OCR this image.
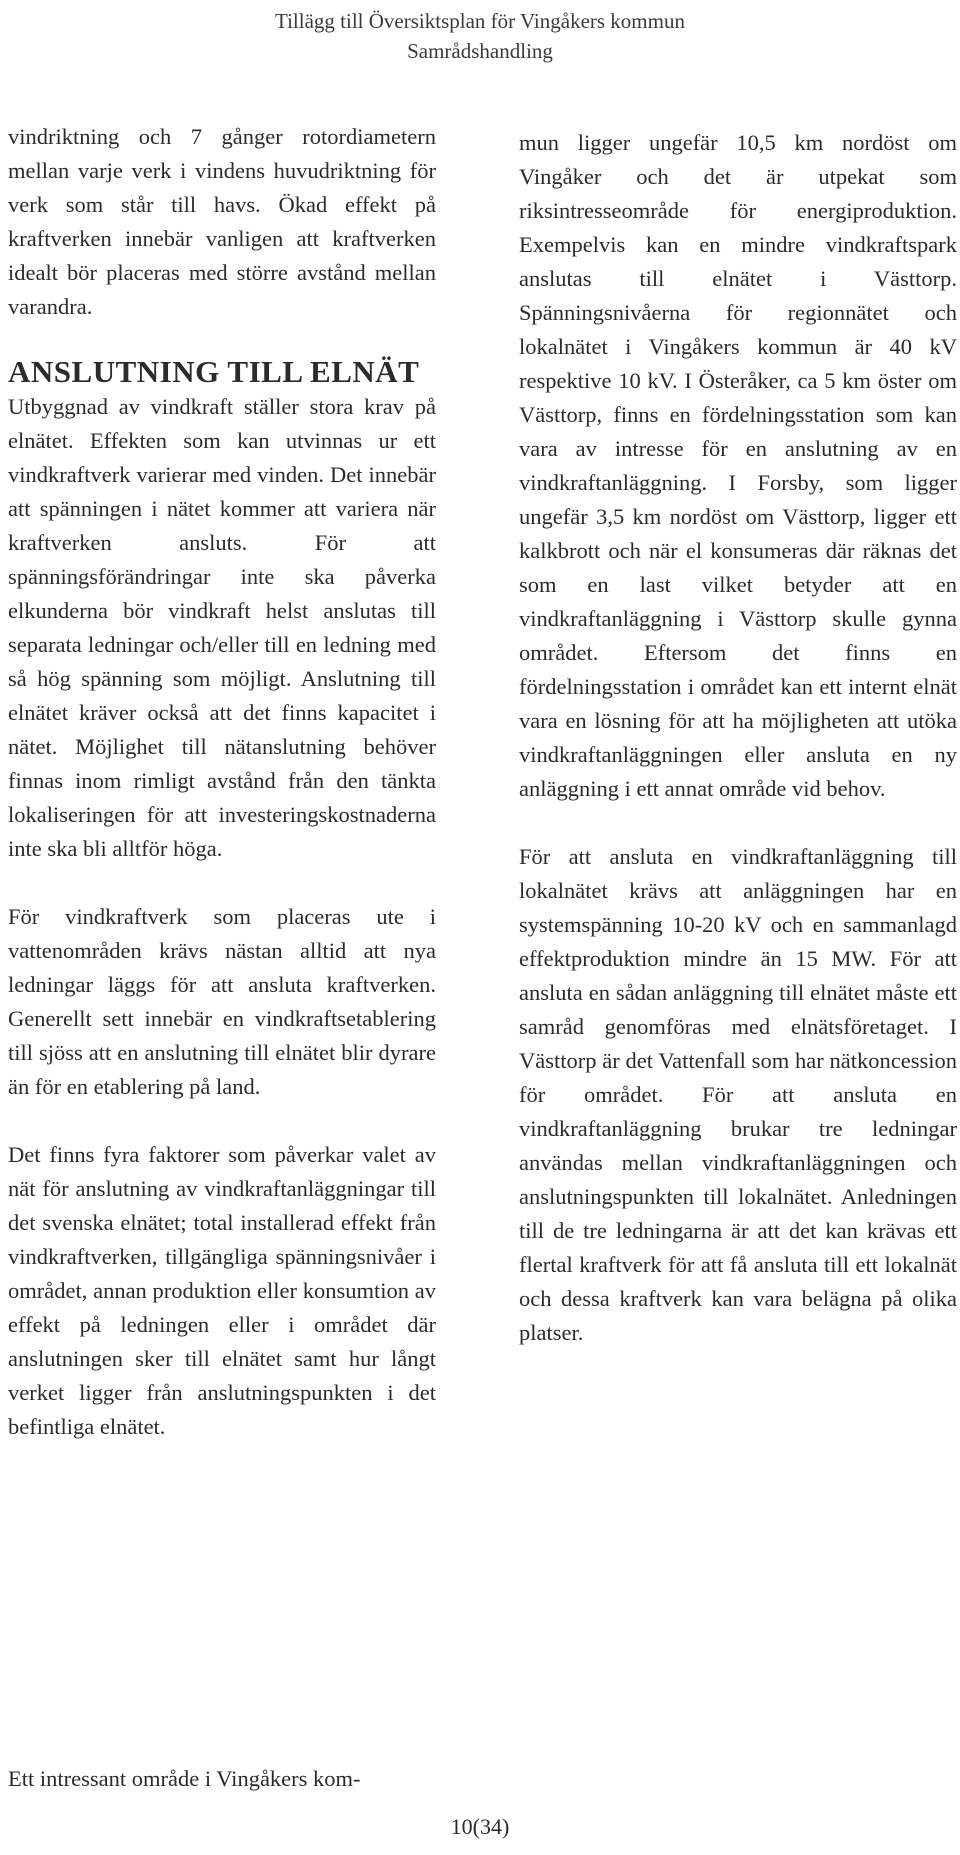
Tillägg till Översiktsplan för Vingåkers kommun
Samrådshandling

vindriktning och 7 gånger rotordiametern mellan varje verk i vindens huvudriktning för verk som står till havs. Ökad effekt på kraftverken innebär vanligen att kraftverken idealt bör placeras med större avstånd mellan varandra.

ANSLUTNING TILL ELNÄT

Utbyggnad av vindkraft ställer stora krav på elnätet. Effekten som kan utvinnas ur ett vindkraftverk varierar med vinden. Det innebär att spänningen i nätet kommer att variera när kraftverken ansluts. För att spänningsförändringar inte ska påverka elkunderna bör vindkraft helst anslutas till separata ledningar och/eller till en ledning med så hög spänning som möjligt. Anslutning till elnätet kräver också att det finns kapacitet i nätet. Möjlighet till nätanslutning behöver finnas inom rimligt avstånd från den tänkta lokaliseringen för att investeringskostnaderna inte ska bli alltför höga.

För vindkraftverk som placeras ute i vattenområden krävs nästan alltid att nya ledningar läggs för att ansluta kraftverken. Generellt sett innebär en vindkraftsetablering till sjöss att en anslutning till elnätet blir dyrare än för en etablering på land.

Det finns fyra faktorer som påverkar valet av nät för anslutning av vindkraftanläggningar till det svenska elnätet; total installerad effekt från vindkraftverken, tillgängliga spänningsnivåer i området, annan produktion eller konsumtion av effekt på ledningen eller i området där anslutningen sker till elnätet samt hur långt verket ligger från anslutningspunkten i det befintliga elnätet.

Ett intressant område i Vingåkers kom-

mun ligger ungefär 10,5 km nordöst om Vingåker och det är utpekat som riksintresseområde för energiproduktion. Exempelvis kan en mindre vindkraftspark anslutas till elnätet i Västtorp. Spänningsnivåerna för regionnätet och lokalnätet i Vingåkers kommun är 40 kV respektive 10 kV. I Österåker, ca 5 km öster om Västtorp, finns en fördelningsstation som kan vara av intresse för en anslutning av en vindkraftanläggning. I Forsby, som ligger ungefär 3,5 km nordöst om Västtorp, ligger ett kalkbrott och när el konsumeras där räknas det som en last vilket betyder att en vindkraftanläggning i Västtorp skulle gynna området. Eftersom det finns en fördelningsstation i området kan ett internt elnät vara en lösning för att ha möjligheten att utöka vindkraftanläggningen eller ansluta en ny anläggning i ett annat område vid behov.

För att ansluta en vindkraftanläggning till lokalnätet krävs att anläggningen har en systemspänning 10-20 kV och en sammanlagd effektproduktion mindre än 15 MW. För att ansluta en sådan anläggning till elnätet måste ett samråd genomföras med elnätsföretaget. I Västtorp är det Vattenfall som har nätkoncession för området. För att ansluta en vindkraftanläggning brukar tre ledningar användas mellan vindkraftanläggningen och anslutningspunkten till lokalnätet. Anledningen till de tre ledningarna är att det kan krävas ett flertal kraftverk för att få ansluta till ett lokalnät och dessa kraftverk kan vara belägna på olika platser.

10(34)
